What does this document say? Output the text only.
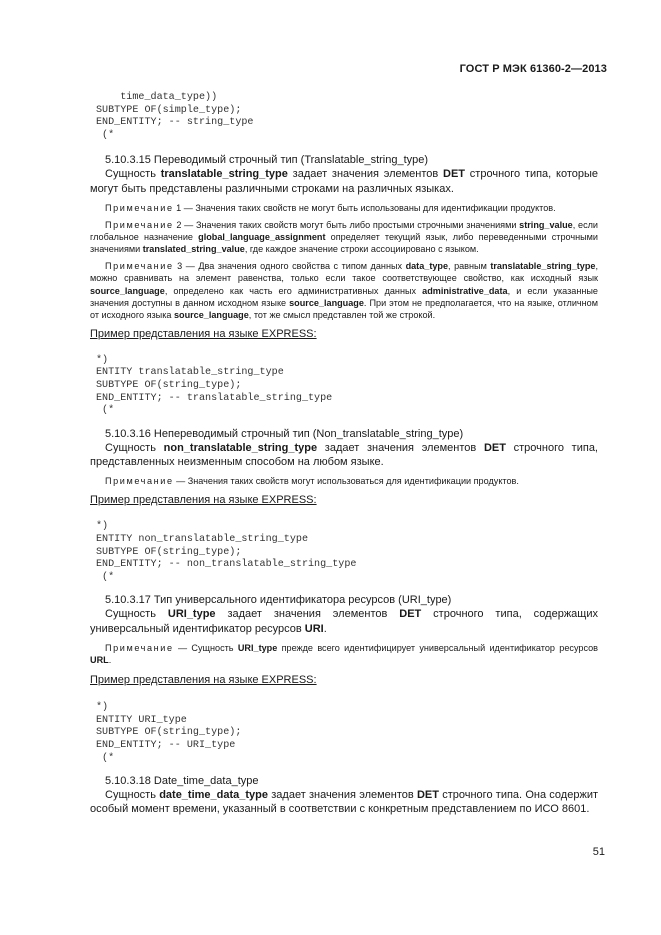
ГОСТ Р МЭК 61360-2—2013
time_data_type))
SUBTYPE OF(simple_type);
END_ENTITY; -- string_type
(*

5.10.3.15 Переводимый строчный тип (Translatable_string_type)

Сущность translatable_string_type задает значения элементов DET строчного типа, которые могут быть представлены различными строками на различных языках.

Примечание 1 — Значения таких свойств не могут быть использованы для идентификации продуктов.

Примечание 2 — Значения таких свойств могут быть либо простыми строчными значениями string_value, если глобальное назначение global_language_assignment определяет текущий язык, либо переведенными строчными значениями translated_string_value, где каждое значение строки ассоциировано с языком.

Примечание 3 — Два значения одного свойства с типом данных data_type, равным translatable_string_type, можно сравнивать на элемент равенства, только если такое соответствующее свойство, как исходный язык source_language, определено как часть его административных данных administrative_data, и если указанные значения доступны в данном исходном языке source_language. При этом не предполагается, что на языке, отличном от исходного языка source_language, тот же смысл представлен той же строкой.

Пример представления на языке EXPRESS:

*)
ENTITY translatable_string_type
SUBTYPE OF(string_type);
END_ENTITY; -- translatable_string_type
(*

5.10.3.16 Непереводимый строчный тип (Non_translatable_string_type)

Сущность non_translatable_string_type задает значения элементов DET строчного типа, представленных неизменным способом на любом языке.

Примечание — Значения таких свойств могут использоваться для идентификации продуктов.

Пример представления на языке EXPRESS:

*)
ENTITY non_translatable_string_type
SUBTYPE OF(string_type);
END_ENTITY; -- non_translatable_string_type
(*

5.10.3.17 Тип универсального идентификатора ресурсов (URI_type)

Сущность URI_type задает значения элементов DET строчного типа, содержащих универсальный идентификатор ресурсов URI.

Примечание — Сущность URI_type прежде всего идентифицирует универсальный идентификатор ресурсов URL.

Пример представления на языке EXPRESS:

*)
ENTITY URI_type
SUBTYPE OF(string_type);
END_ENTITY; -- URI_type
(*

5.10.3.18 Date_time_data_type

Сущность date_time_data_type задает значения элементов DET строчного типа. Она содержит особый момент времени, указанный в соответствии с конкретным представлением по ИСО 8601.

51
